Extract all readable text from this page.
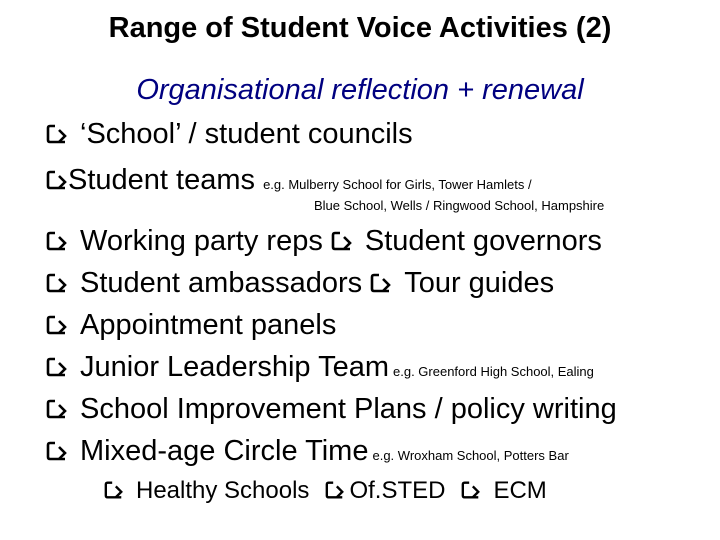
Range of Student Voice Activities (2)
Organisational reflection + renewal
‘School’ / student councils
Student teams e.g. Mulberry School for Girls, Tower Hamlets /
Blue School, Wells / Ringwood School, Hampshire
Working party reps Student governors
Student ambassadors Tour guides
Appointment panels
Junior Leadership Team e.g. Greenford High School, Ealing
School Improvement Plans / policy writing
Mixed-age Circle Time e.g. Wroxham School, Potters Bar
Healthy Schools Of.STED ECM
